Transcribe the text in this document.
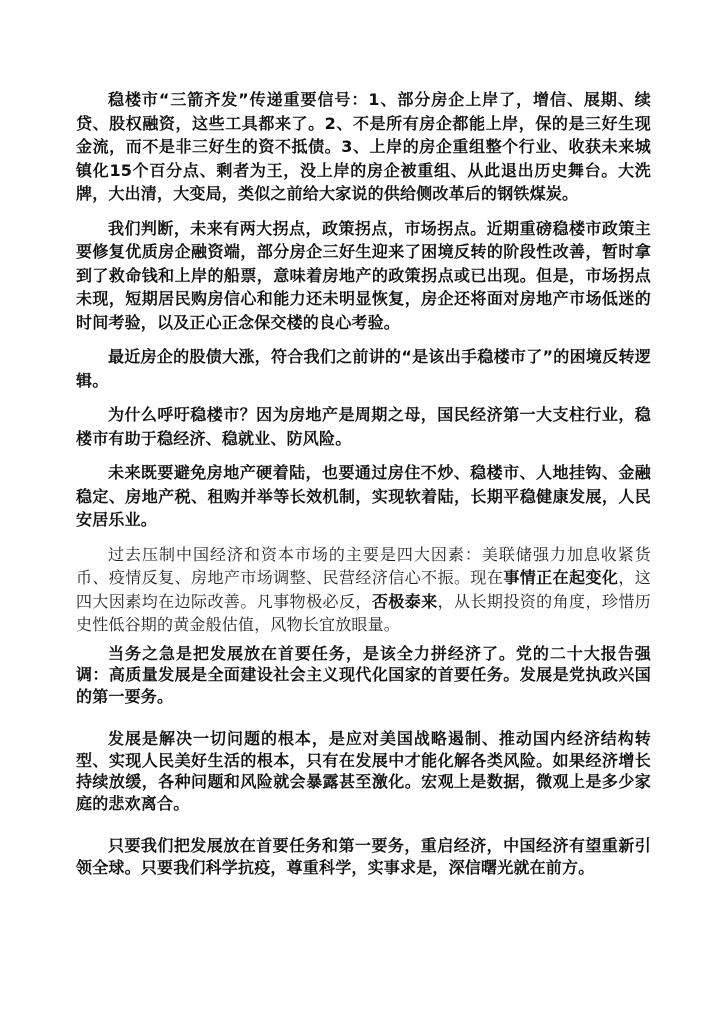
稳楼市“三箭齐发”传递重要信号：1、部分房企上岸了，增信、展期、续贷、股权融资，这些工具都来了。2、不是所有房企都能上岸，保的是三好生现金流，而不是非三好生的资不抵债。3、上岸的房企重组整个行业、收获未来城镇化15个百分点、剩者为王，没上岸的房企被重组、从此退出历史舞台。大洗牌，大出清，大变局，类似之前给大家说的供给侧改革后的钢铁煤炭。

我们判断，未来有两大拐点，政策拐点，市场拐点。近期重磅稳楼市政策主要修复优质房企融资端，部分房企三好生迎来了困境反转的阶段性改善，暂时拿到了救命钱和上岸的船票，意味着房地产的政策拐点或已出现。但是，市场拐点未现，短期居民购房信心和能力还未明显恢复，房企还将面对房地产市场低迷的时间考验，以及正心正念保交楼的良心考验。

最近房企的股债大涨，符合我们之前讲的“是该出手稳楼市了”的困境反转逻辑。

为什么呼吁稳楼市？因为房地产是周期之母，国民经济第一大支柱行业，稳楼市有助于稳经济、稳就业、防风险。

未来既要避免房地产硬着陆，也要通过房住不炒、稳楼市、人地挂钩、金融稳定、房地产税、租购并举等长效机制，实现软着陆，长期平稳健康发展，人民安居乐业。

过去压制中国经济和资本市场的主要是四大因素：美联储强力加息收紧货币、疫情反复、房地产市场调整、民营经济信心不振。现在事情正在起变化，这四大因素均在边际改善。凡事物极必反，否极泰来，从长期投资的角度，珍惜历史性低谷期的黄金般估值，风物长宜放眼量。

当务之急是把发展放在首要任务，是该全力拼经济了。党的二十大报告强调：高质量发展是全面建设社会主义现代化国家的首要任务。发展是党执政兴国的第一要务。

发展是解决一切问题的根本，是应对美国战略遏制、推动国内经济结构转型、实现人民美好生活的根本，只有在发展中才能化解各类风险。如果经济增长持续放缓，各种问题和风险就会暴露甚至激化。宏观上是数据，微观上是多少家庭的悲欢离合。

只要我们把发展放在首要任务和第一要务，重启经济，中国经济有望重新引领全球。只要我们科学抗疫，尊重科学，实事求是，深信曙光就在前方。
